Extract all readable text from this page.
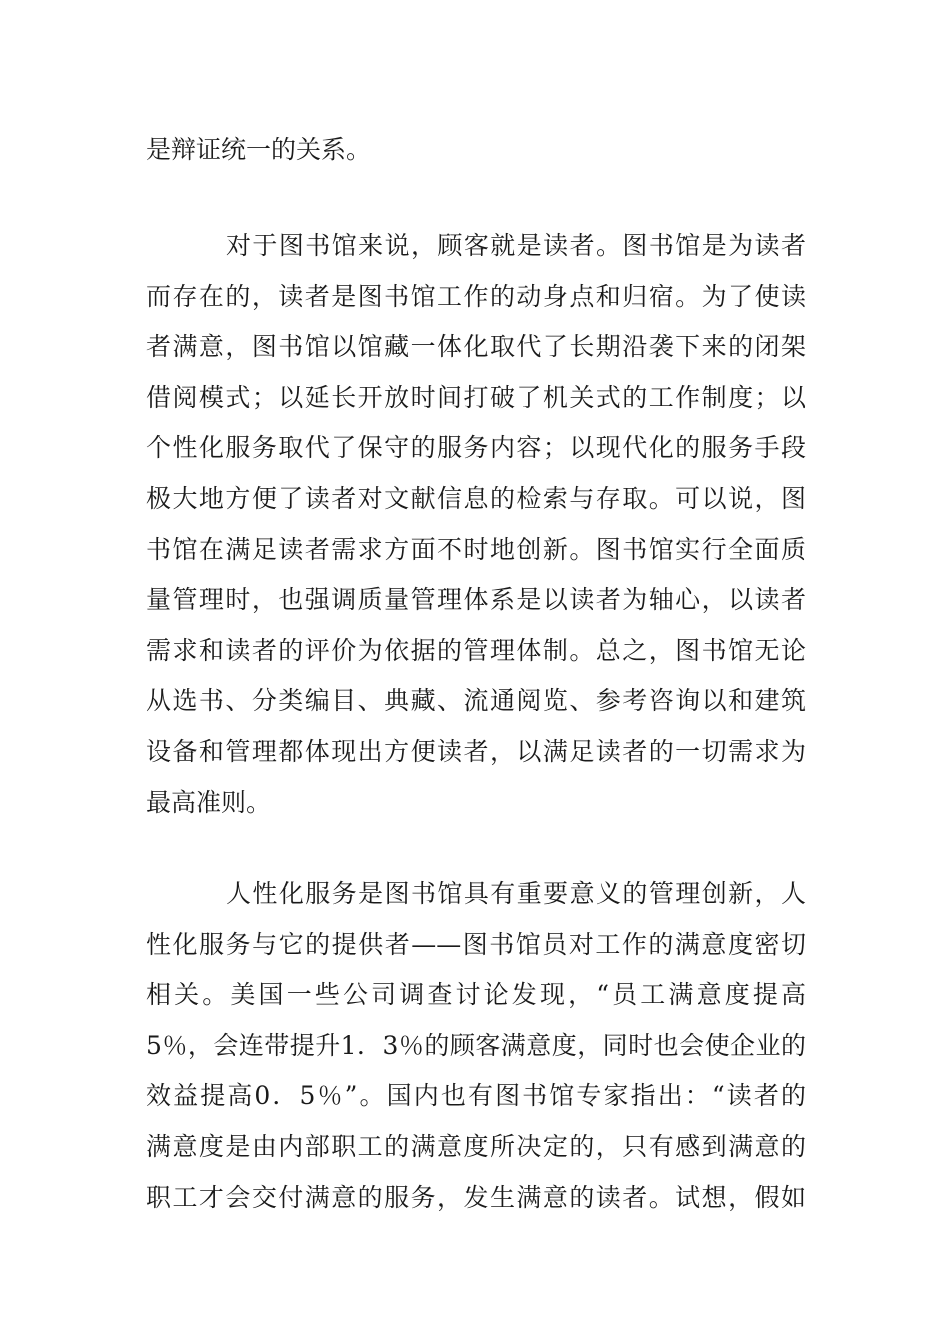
是辩证统一的关系。
对于图书馆来说，顾客就是读者。图书馆是为读者
而存在的，读者是图书馆工作的动身点和归宿。为了使读
者满意，图书馆以馆藏一体化取代了长期沿袭下来的闭架
借阅模式；以延长开放时间打破了机关式的工作制度；以
个性化服务取代了保守的服务内容；以现代化的服务手段
极大地方便了读者对文献信息的检索与存取。可以说，图
书馆在满足读者需求方面不时地创新。图书馆实行全面质
量管理时，也强调质量管理体系是以读者为轴心，以读者
需求和读者的评价为依据的管理体制。总之，图书馆无论
从选书、分类编目、典藏、流通阅览、参考咨询以和建筑
设备和管理都体现出方便读者，以满足读者的一切需求为
最高准则。
人性化服务是图书馆具有重要意义的管理创新，人
性化服务与它的提供者——图书馆员对工作的满意度密切
相关。美国一些公司调查讨论发现，“员工满意度提高
5％，会连带提升1．3％的顾客满意度，同时也会使企业的
效益提高0．5％”。国内也有图书馆专家指出：“读者的
满意度是由内部职工的满意度所决定的，只有感到满意的
职工才会交付满意的服务，发生满意的读者。试想，假如
